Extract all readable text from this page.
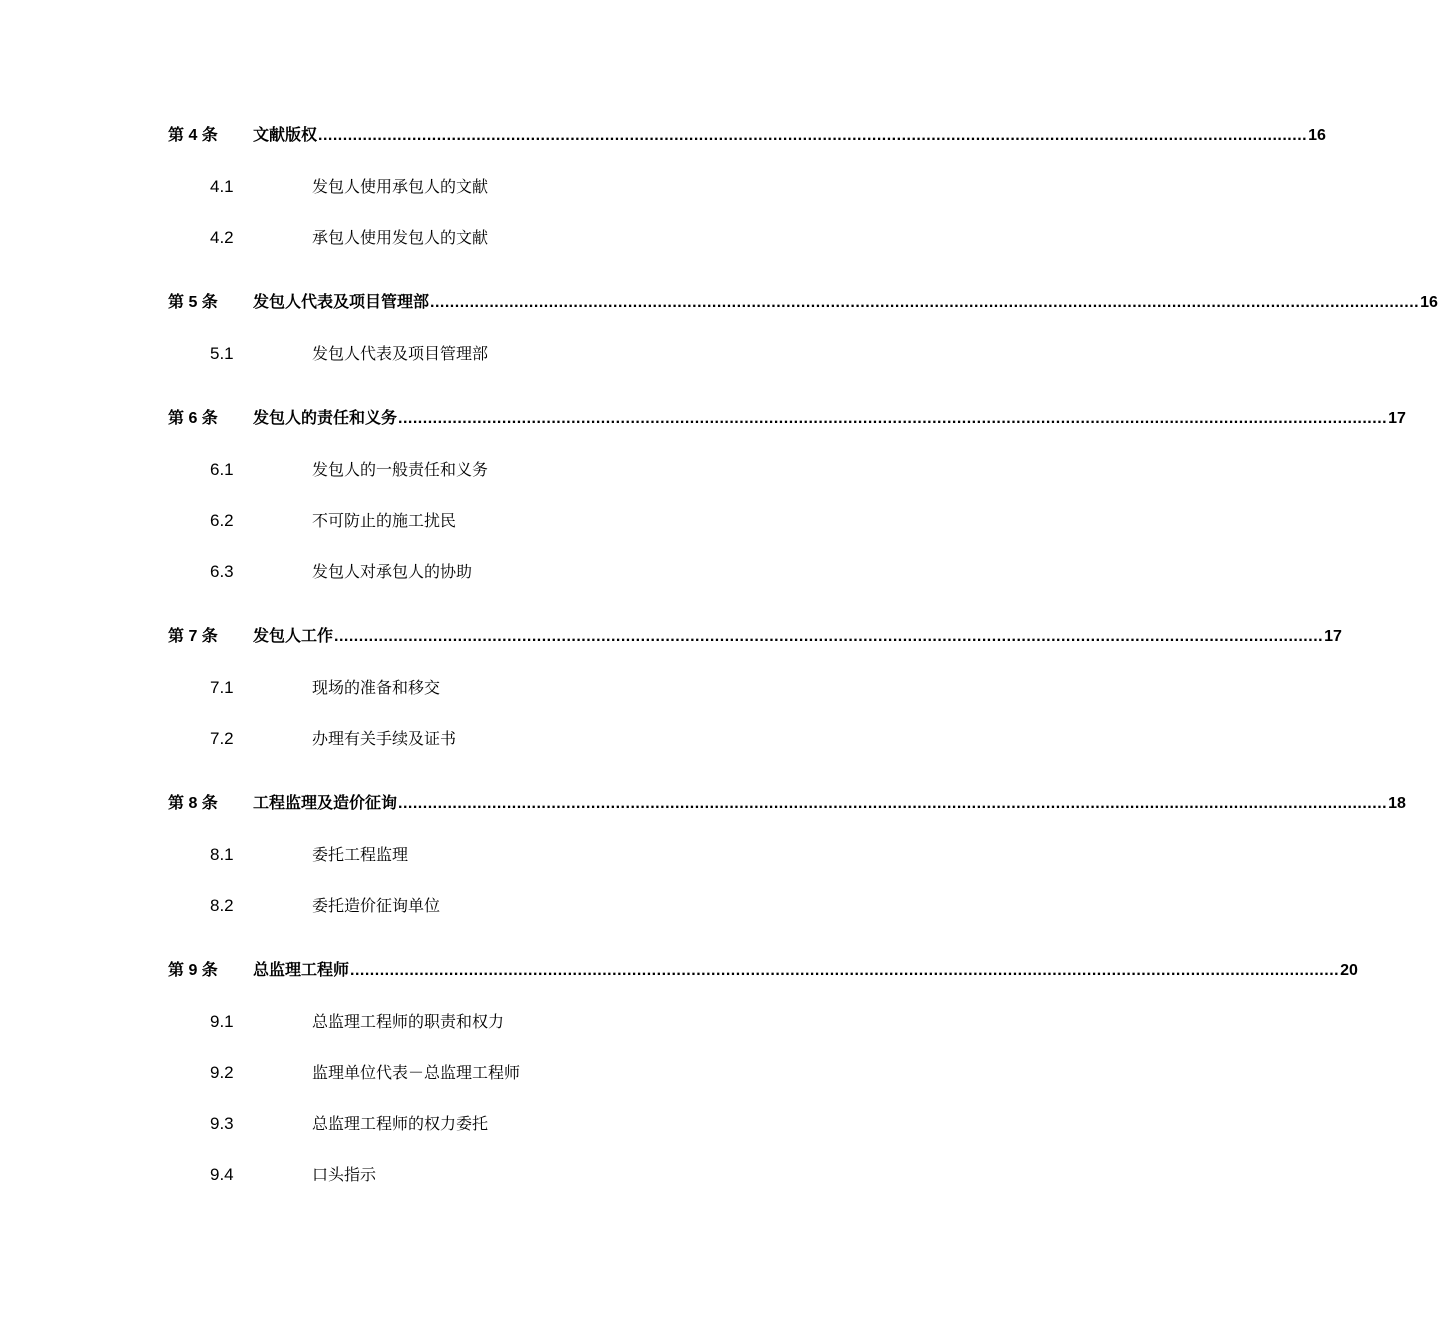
第 4 条 文献版权 ........................................................................................................................................................................................................ 16
4.1	发包人使用承包人的文献
4.2	承包人使用发包人的文献
第 5 条 发包人代表及项目管理部 ........................................................................................................................................................................................................ 16
5.1	发包人代表及项目管理部
第 6 条 发包人的责任和义务 ........................................................................................................................................................................................................ 17
6.1	发包人的一般责任和义务
6.2	不可防止的施工扰民
6.3	发包人对承包人的协助
第 7 条 发包人工作 ........................................................................................................................................................................................................ 17
7.1	现场的准备和移交
7.2	办理有关手续及证书
第 8 条 工程监理及造价征询 ........................................................................................................................................................................................................ 18
8.1	委托工程监理
8.2	委托造价征询单位
第 9 条 总监理工程师 ........................................................................................................................................................................................................ 20
9.1	总监理工程师的职责和权力
9.2	监理单位代表－总监理工程师
9.3	总监理工程师的权力委托
9.4	口头指示
